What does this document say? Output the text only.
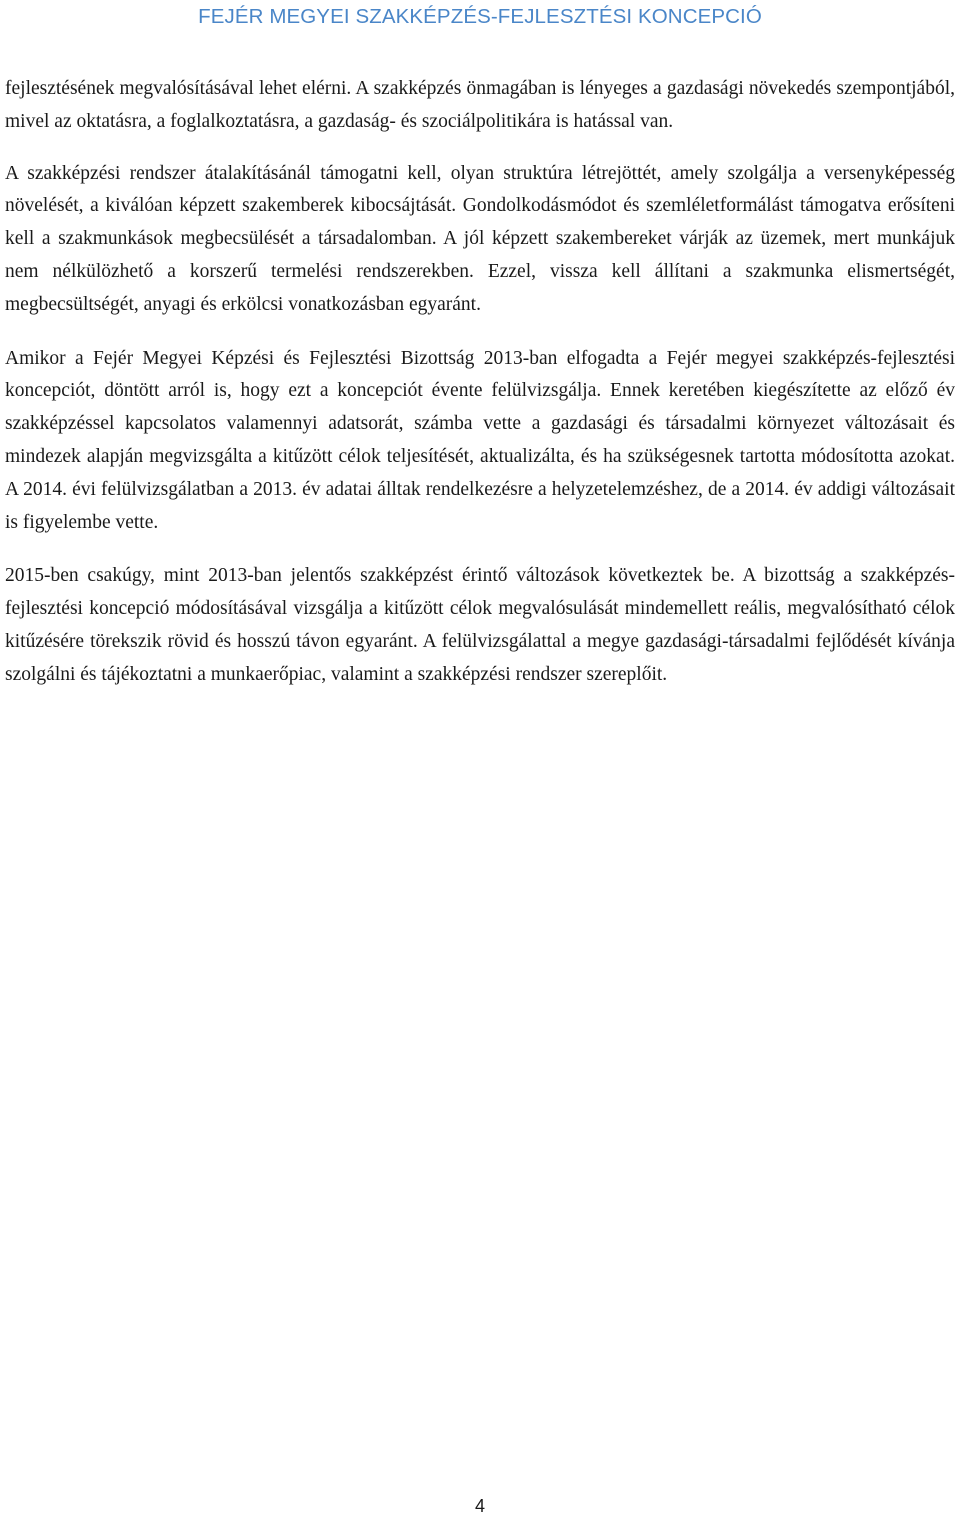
FEJÉR MEGYEI SZAKKÉPZÉS-FEJLESZTÉSI KONCEPCIÓ

fejlesztésének megvalósításával lehet elérni. A szakképzés önmagában is lényeges a gazdasági növekedés szempontjából, mivel az oktatásra, a foglalkoztatásra, a gazdaság- és szociálpolitikára is hatással van.

A szakképzési rendszer átalakításánál támogatni kell, olyan struktúra létrejöttét, amely szolgálja a versenyképesség növelését, a kiválóan képzett szakemberek kibocsájtását. Gondolkodásmódot és szemléletformálást támogatva erősíteni kell a szakmunkások megbecsülését a társadalomban. A jól képzett szakembereket várják az üzemek, mert munkájuk nem nélkülözhető a korszerű termelési rendszerekben. Ezzel, vissza kell állítani a szakmunka elismertségét, megbecsültségét, anyagi és erkölcsi vonatkozásban egyaránt.

Amikor a Fejér Megyei Képzési és Fejlesztési Bizottság 2013-ban elfogadta a Fejér megyei szakképzés-fejlesztési koncepciót, döntött arról is, hogy ezt a koncepciót évente felülvizsgálja. Ennek keretében kiegészítette az előző év szakképzéssel kapcsolatos valamennyi adatsorát, számba vette a gazdasági és társadalmi környezet változásait és mindezek alapján megvizsgálta a kitűzött célok teljesítését, aktualizálta, és ha szükségesnek tartotta módosította azokat. A 2014. évi felülvizsgálatban a 2013. év adatai álltak rendelkezésre a helyzetelemzéshez, de a 2014. év addigi változásait is figyelembe vette.

2015-ben csakúgy, mint 2013-ban jelentős szakképzést érintő változások következtek be. A bizottság a szakképzés-fejlesztési koncepció módosításával vizsgálja a kitűzött célok megvalósulását mindemellett reális, megvalósítható célok kitűzésére törekszik rövid és hosszú távon egyaránt. A felülvizsgálattal a megye gazdasági-társadalmi fejlődését kívánja szolgálni és tájékoztatni a munkaerőpiac, valamint a szakképzési rendszer szereplőit.

4
